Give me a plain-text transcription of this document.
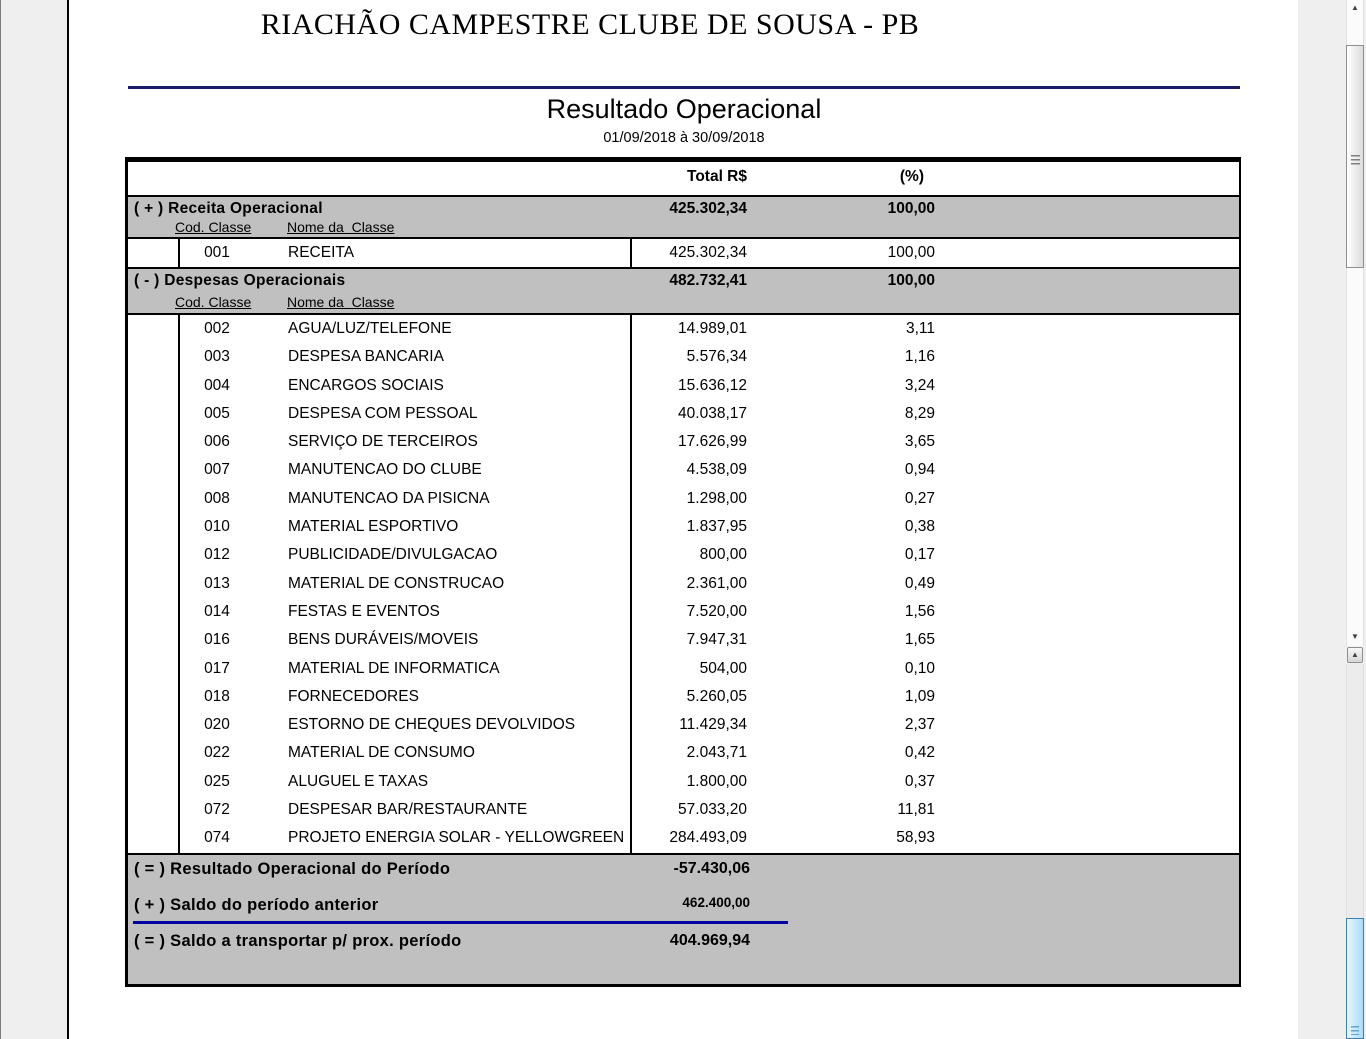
▲
▼
▲
RIACHÃO CAMPESTRE CLUBE DE SOUSA - PB
Resultado Operacional
01/09/2018 à 30/09/2018
Total R$	(%)
( + ) Receita Operacional	425.302,34	100,00
Cod. Classe	Nome da  Classe
001	RECEITA	425.302,34	100,00
( - ) Despesas Operacionais	482.732,41	100,00
Cod. Classe	Nome da  Classe
002	AGUA/LUZ/TELEFONE	14.989,01	3,11
003	DESPESA BANCARIA	5.576,34	1,16
004	ENCARGOS SOCIAIS	15.636,12	3,24
005	DESPESA COM PESSOAL	40.038,17	8,29
006	SERVIÇO DE TERCEIROS	17.626,99	3,65
007	MANUTENCAO DO CLUBE	4.538,09	0,94
008	MANUTENCAO DA PISICNA	1.298,00	0,27
010	MATERIAL ESPORTIVO	1.837,95	0,38
012	PUBLICIDADE/DIVULGACAO	800,00	0,17
013	MATERIAL DE CONSTRUCAO	2.361,00	0,49
014	FESTAS E EVENTOS	7.520,00	1,56
016	BENS DURÁVEIS/MOVEIS	7.947,31	1,65
017	MATERIAL DE INFORMATICA	504,00	0,10
018	FORNECEDORES	5.260,05	1,09
020	ESTORNO DE CHEQUES DEVOLVIDOS	11.429,34	2,37
022	MATERIAL DE CONSUMO	2.043,71	0,42
025	ALUGUEL E TAXAS	1.800,00	0,37
072	DESPESAR BAR/RESTAURANTE	57.033,20	11,81
074	PROJETO ENERGIA SOLAR - YELLOWGREEN	284.493,09	58,93
( = ) Resultado Operacional do Período	-57.430,06
( + ) Saldo do período anterior	462.400,00
( = ) Saldo a transportar p/ prox. período	404.969,94
